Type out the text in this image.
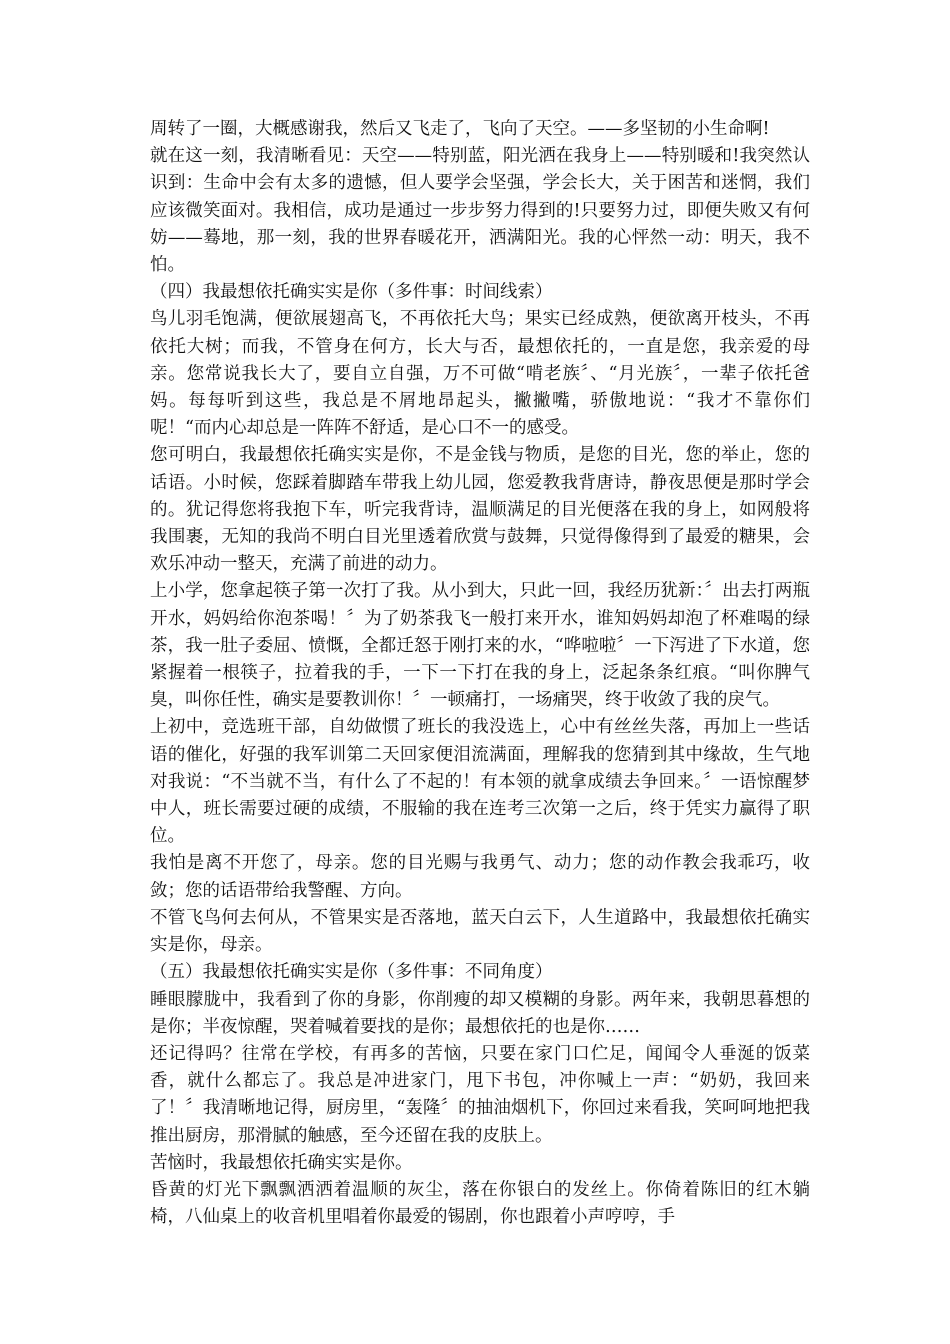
周转了一圈，大概感谢我，然后又飞走了，飞向了天空。——多坚韧的小生命啊!

就在这一刻，我清晰看见：天空——特别蓝，阳光洒在我身上——特别暖和!我突然认识到：生命中会有太多的遗憾，但人要学会坚强，学会长大，关于困苦和迷惘，我们应该微笑面对。我相信，成功是通过一步步努力得到的!只要努力过，即便失败又有何妨——蓦地，那一刻，我的世界春暖花开，洒满阳光。我的心怦然一动：明天，我不怕。

（四）我最想依托确实实是你（多件事：时间线索）

鸟儿羽毛饱满，便欲展翅高飞，不再依托大鸟；果实已经成熟，便欲离开枝头，不再依托大树；而我，不管身在何方，长大与否，最想依托的，一直是您，我亲爱的母亲。您常说我长大了，要自立自强，万不可做“啃老族〞、“月光族〞，一辈子依托爸妈。每每听到这些，我总是不屑地昂起头，撇撇嘴，骄傲地说：“我才不靠你们呢！“而内心却总是一阵阵不舒适，是心口不一的感受。

您可明白，我最想依托确实实是你，不是金钱与物质，是您的目光，您的举止，您的话语。小时候，您踩着脚踏车带我上幼儿园，您爱教我背唐诗，静夜思便是那时学会的。犹记得您将我抱下车，听完我背诗，温顺满足的目光便落在我的身上，如网般将我围裹，无知的我尚不明白目光里透着欣赏与鼓舞，只觉得像得到了最爱的糖果，会欢乐冲动一整天，充满了前进的动力。

上小学，您拿起筷子第一次打了我。从小到大，只此一回，我经历犹新：〞出去打两瓶开水，妈妈给你泡茶喝！〞为了奶茶我飞一般打来开水，谁知妈妈却泡了杯难喝的绿茶，我一肚子委屈、愤慨，全都迁怒于刚打来的水，“哗啦啦〞一下泻进了下水道，您紧握着一根筷子，拉着我的手，一下一下打在我的身上，泛起条条红痕。“叫你脾气臭，叫你任性，确实是要教训你！〞一顿痛打，一场痛哭，终于收敛了我的戾气。

上初中，竞选班干部，自幼做惯了班长的我没选上，心中有丝丝失落，再加上一些话语的催化，好强的我军训第二天回家便泪流满面，理解我的您猜到其中缘故，生气地对我说：“不当就不当，有什么了不起的！有本领的就拿成绩去争回来。〞一语惊醒梦中人，班长需要过硬的成绩，不服输的我在连考三次第一之后，终于凭实力赢得了职位。

我怕是离不开您了，母亲。您的目光赐与我勇气、动力；您的动作教会我乖巧，收敛；您的话语带给我警醒、方向。

不管飞鸟何去何从，不管果实是否落地，蓝天白云下，人生道路中，我最想依托确实实是你，母亲。

（五）我最想依托确实实是你（多件事：不同角度）

睡眼朦胧中，我看到了你的身影，你削瘦的却又模糊的身影。两年来，我朝思暮想的是你；半夜惊醒，哭着喊着要找的是你；最想依托的也是你……

还记得吗？往常在学校，有再多的苦恼，只要在家门口伫足，闻闻令人垂涎的饭菜香，就什么都忘了。我总是冲进家门，甩下书包，冲你喊上一声：“奶奶，我回来了！〞我清晰地记得，厨房里，“轰隆〞的抽油烟机下，你回过来看我，笑呵呵地把我推出厨房，那滑腻的触感，至今还留在我的皮肤上。

苦恼时，我最想依托确实实是你。

昏黄的灯光下飘飘洒洒着温顺的灰尘，落在你银白的发丝上。你倚着陈旧的红木躺椅，八仙桌上的收音机里唱着你最爱的锡剧，你也跟着小声哼哼，手
